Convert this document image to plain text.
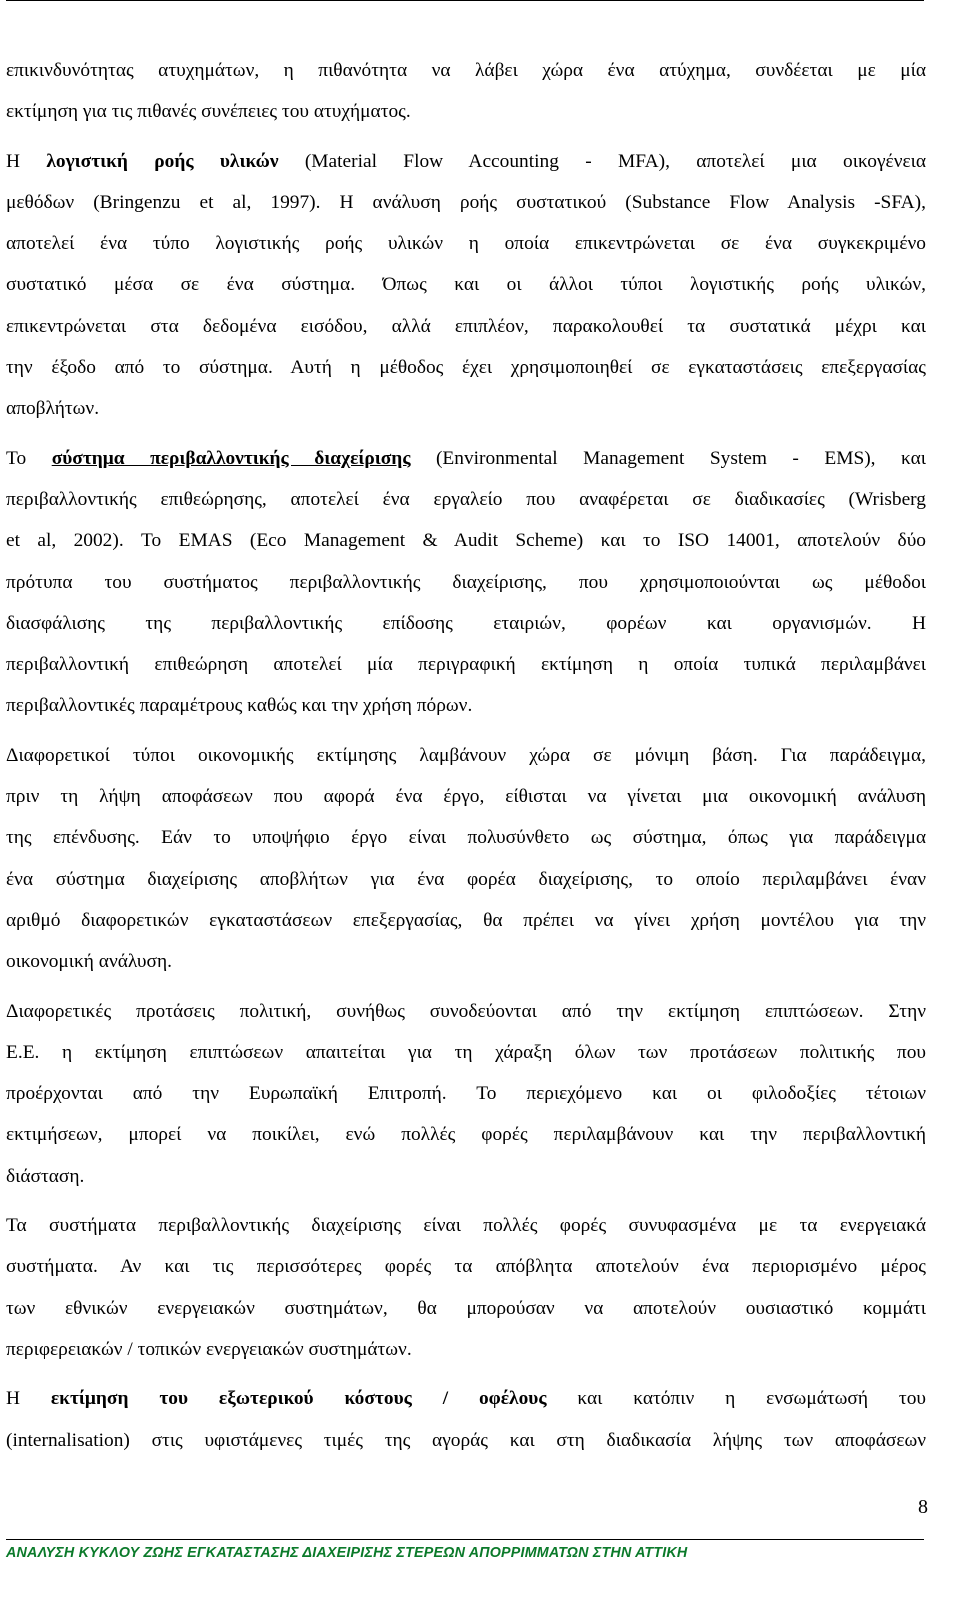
επικινδυνότητας ατυχημάτων, η πιθανότητα να λάβει χώρα ένα ατύχημα, συνδέεται με μία
εκτίμηση για τις πιθανές συνέπειες του ατυχήματος.

Η λογιστική ροής υλικών (Material Flow Accounting - MFA), αποτελεί μια οικογένεια
μεθόδων (Bringenzu et al, 1997). Η ανάλυση ροής συστατικού (Substance Flow Analysis -SFA),
αποτελεί ένα τύπο λογιστικής ροής υλικών η οποία επικεντρώνεται σε ένα συγκεκριμένο
συστατικό μέσα σε ένα σύστημα. Όπως και οι άλλοι τύποι λογιστικής ροής υλικών,
επικεντρώνεται στα δεδομένα εισόδου, αλλά επιπλέον, παρακολουθεί τα συστατικά μέχρι και
την έξοδο από το σύστημα. Αυτή η μέθοδος έχει χρησιμοποιηθεί σε εγκαταστάσεις επεξεργασίας
αποβλήτων.

Το σύστημα περιβαλλοντικής διαχείρισης (Environmental Management System - EMS), και
περιβαλλοντικής επιθεώρησης, αποτελεί ένα εργαλείο που αναφέρεται σε διαδικασίες (Wrisberg
et al, 2002). Το EMAS (Eco Management & Audit Scheme) και το ISO 14001, αποτελούν δύο
πρότυπα του συστήματος περιβαλλοντικής διαχείρισης, που χρησιμοποιούνται ως μέθοδοι
διασφάλισης της περιβαλλοντικής επίδοσης εταιριών, φορέων και οργανισμών. Η
περιβαλλοντική επιθεώρηση αποτελεί μία περιγραφική εκτίμηση η οποία τυπικά περιλαμβάνει
περιβαλλοντικές παραμέτρους καθώς και την χρήση πόρων.

Διαφορετικοί τύποι οικονομικής εκτίμησης λαμβάνουν χώρα σε μόνιμη βάση. Για παράδειγμα,
πριν τη λήψη αποφάσεων που αφορά ένα έργο, είθισται να γίνεται μια οικονομική ανάλυση
της επένδυσης. Εάν το υποψήφιο έργο είναι πολυσύνθετο ως σύστημα, όπως για παράδειγμα
ένα σύστημα διαχείρισης αποβλήτων για ένα φορέα διαχείρισης, το οποίο περιλαμβάνει έναν
αριθμό διαφορετικών εγκαταστάσεων επεξεργασίας, θα πρέπει να γίνει χρήση μοντέλου για την
οικονομική ανάλυση.

Διαφορετικές προτάσεις πολιτική, συνήθως συνοδεύονται από την εκτίμηση επιπτώσεων. Στην
Ε.Ε. η εκτίμηση επιπτώσεων απαιτείται για τη χάραξη όλων των προτάσεων πολιτικής που
προέρχονται από την Ευρωπαϊκή Επιτροπή. Το περιεχόμενο και οι φιλοδοξίες τέτοιων
εκτιμήσεων, μπορεί να ποικίλει, ενώ πολλές φορές περιλαμβάνουν και την περιβαλλοντική
διάσταση.

Τα συστήματα περιβαλλοντικής διαχείρισης είναι πολλές φορές συνυφασμένα με τα ενεργειακά
συστήματα. Αν και τις περισσότερες φορές τα απόβλητα αποτελούν ένα περιορισμένο μέρος
των εθνικών ενεργειακών συστημάτων, θα μπορούσαν να αποτελούν ουσιαστικό κομμάτι
περιφερειακών / τοπικών ενεργειακών συστημάτων.

Η εκτίμηση του εξωτερικού κόστους / οφέλους και κατόπιν η ενσωμάτωσή του
(internalisation) στις υφιστάμενες τιμές της αγοράς και στη διαδικασία λήψης των αποφάσεων

8
ΑΝΑΛΥΣΗ ΚΥΚΛΟΥ ΖΩΗΣ ΕΓΚΑΤΑΣΤΑΣΗΣ ΔΙΑΧΕΙΡΙΣΗΣ ΣΤΕΡΕΩΝ ΑΠΟΡΡΙΜΜΑΤΩΝ ΣΤΗΝ ΑΤΤΙΚΗ
